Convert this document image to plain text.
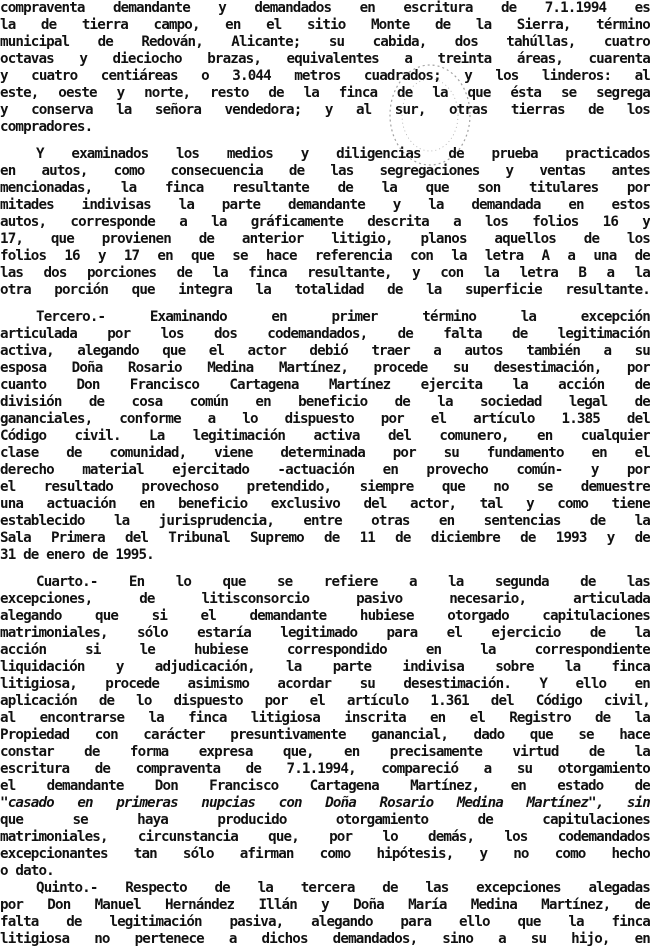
compraventa demandante y demandados en escritura de 7.1.1994 es
la de tierra campo, en el sitio Monte de la Sierra, término
municipal de Redován, Alicante; su cabida, dos tahúllas, cuatro
octavas y dieciocho brazas, equivalentes a treinta áreas, cuarenta
y cuatro centiáreas o 3.044 metros cuadrados; y los linderos: al
este, oeste y norte, resto de la finca de la que ésta se segrega
y conserva la señora vendedora; y al sur, otras tierras de los
compradores.
Y examinados los medios y diligencias de prueba practicados
en autos, como consecuencia de las segregaciones y ventas antes
mencionadas, la finca resultante de la que son titulares por
mitades indivisas la parte demandante y la demandada en estos
autos, corresponde a la gráficamente descrita a los folios 16 y
17, que provienen de anterior litigio, planos aquellos de los
folios 16 y 17 en que se hace referencia con la letra A a una de
las dos porciones de la finca resultante, y con la letra B a la
otra porción que integra la totalidad de la superficie resultante.
Tercero.- Examinando en primer término la excepción
articulada por los dos codemandados, de falta de legitimación
activa, alegando que el actor debió traer a autos también a su
esposa Doña Rosario Medina Martínez, procede su desestimación, por
cuanto Don Francisco Cartagena Martínez ejercita la acción de
división de cosa común en beneficio de la sociedad legal de
gananciales, conforme a lo dispuesto por el artículo 1.385 del
Código civil. La legitimación activa del comunero, en cualquier
clase de comunidad, viene determinada por su fundamento en el
derecho material ejercitado -actuación en provecho común- y por
el resultado provechoso pretendido, siempre que no se demuestre
una actuación en beneficio exclusivo del actor, tal y como tiene
establecido la jurisprudencia, entre otras en sentencias de la
Sala Primera del Tribunal Supremo de 11 de diciembre de 1993 y de
31 de enero de 1995.
Cuarto.- En lo que se refiere a la segunda de las
excepciones, de litisconsorcio pasivo necesario, articulada
alegando que si el demandante hubiese otorgado capitulaciones
matrimoniales, sólo estaría legitimado para el ejercicio de la
acción si le hubiese correspondido en la correspondiente
liquidación y adjudicación, la parte indivisa sobre la finca
litigiosa, procede asimismo acordar su desestimación. Y ello en
aplicación de lo dispuesto por el artículo 1.361 del Código civil,
al encontrarse la finca litigiosa inscrita en el Registro de la
Propiedad con carácter presuntivamente ganancial, dado que se hace
constar de forma expresa que, en precisamente virtud de la
escritura de compraventa de 7.1.1994, compareció a su otorgamiento
el demandante Don Francisco Cartagena Martínez, en estado de
"casado en primeras nupcias con Doña Rosario Medina Martínez", sin
que se haya producido otorgamiento de capitulaciones
matrimoniales, circunstancia que, por lo demás, los codemandados
excepcionantes tan sólo afirman como hipótesis, y no como hecho
o dato.
Quinto.- Respecto de la tercera de las excepciones alegadas
por Don Manuel Hernández Illán y Doña María Medina Martínez, de
falta de legitimación pasiva, alegando para ello que la finca
litigiosa no pertenece a dichos demandados, sino a su hijo, en
